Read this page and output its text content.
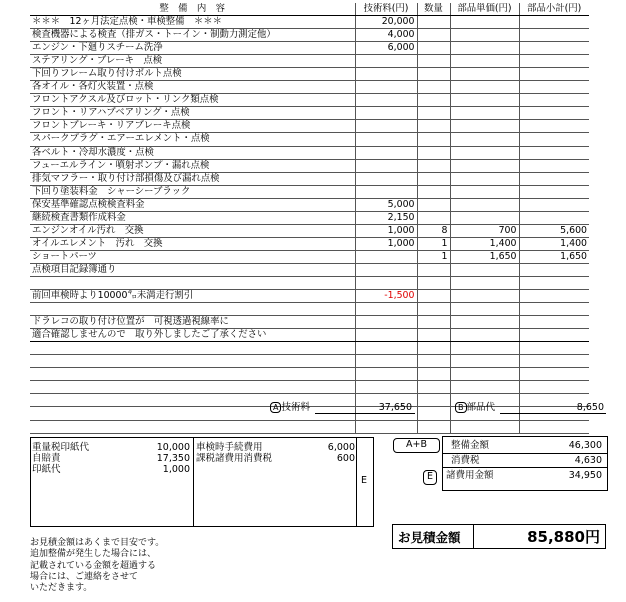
整　備　内　容	技術料(円)	数量	部品単価(円)	部品小計(円)
＊＊＊　12ヶ月法定点検・車検整備　＊＊＊	20,000			
検査機器による検査（排ガス・トーイン・制動力測定他）	4,000			
エンジン・下廻りスチーム洗浄	6,000			
ステアリング・ブレーキ　点検				
下回りフレーム取り付けボルト点検				
各オイル・各灯火装置・点検				
フロントアクスル及びロット・リンク類点検				
フロント・リアハブベアリング・点検				
フロントブレーキ・リアブレーキ点検				
スパークプラグ・エアーエレメント・点検				
各ベルト・冷却水濃度・点検				
フューエルライン・噴射ポンプ・漏れ点検				
排気マフラー・取り付け部損傷及び漏れ点検				
下回り塗装料金　シャーシーブラック				
保安基準確認点検検査料金	5,000			
継続検査書類作成料金	2,150			
エンジンオイル汚れ　交換	1,000	8	700	5,600
オイルエレメント　汚れ　交換	1,000	1	1,400	1,400
ショートパーツ		1	1,650	1,650
点検項目記録簿通り				

前回車検時より10000㌔未満走行割引	-1,500			

ドラレコの取り付け位置が　可視透過視線率に				
適合確認しませんので　取り外しましたご了承ください				

A 技術料	37,650	B 部品代	8,650
重量税印紙代	10,000
自賠責	17,350
印紙代	1,000
車検時手続費用	6,000
課税諸費用消費税	600
E
A+B	整備金額	46,300
消費税	4,630
E	諸費用金額	34,950
お見積金額はあくまで目安です。
追加整備が発生した場合には、
記載されている金額を超過する
場合には、ご連絡をさせて
いただきます。
お見積金額	85,880円
